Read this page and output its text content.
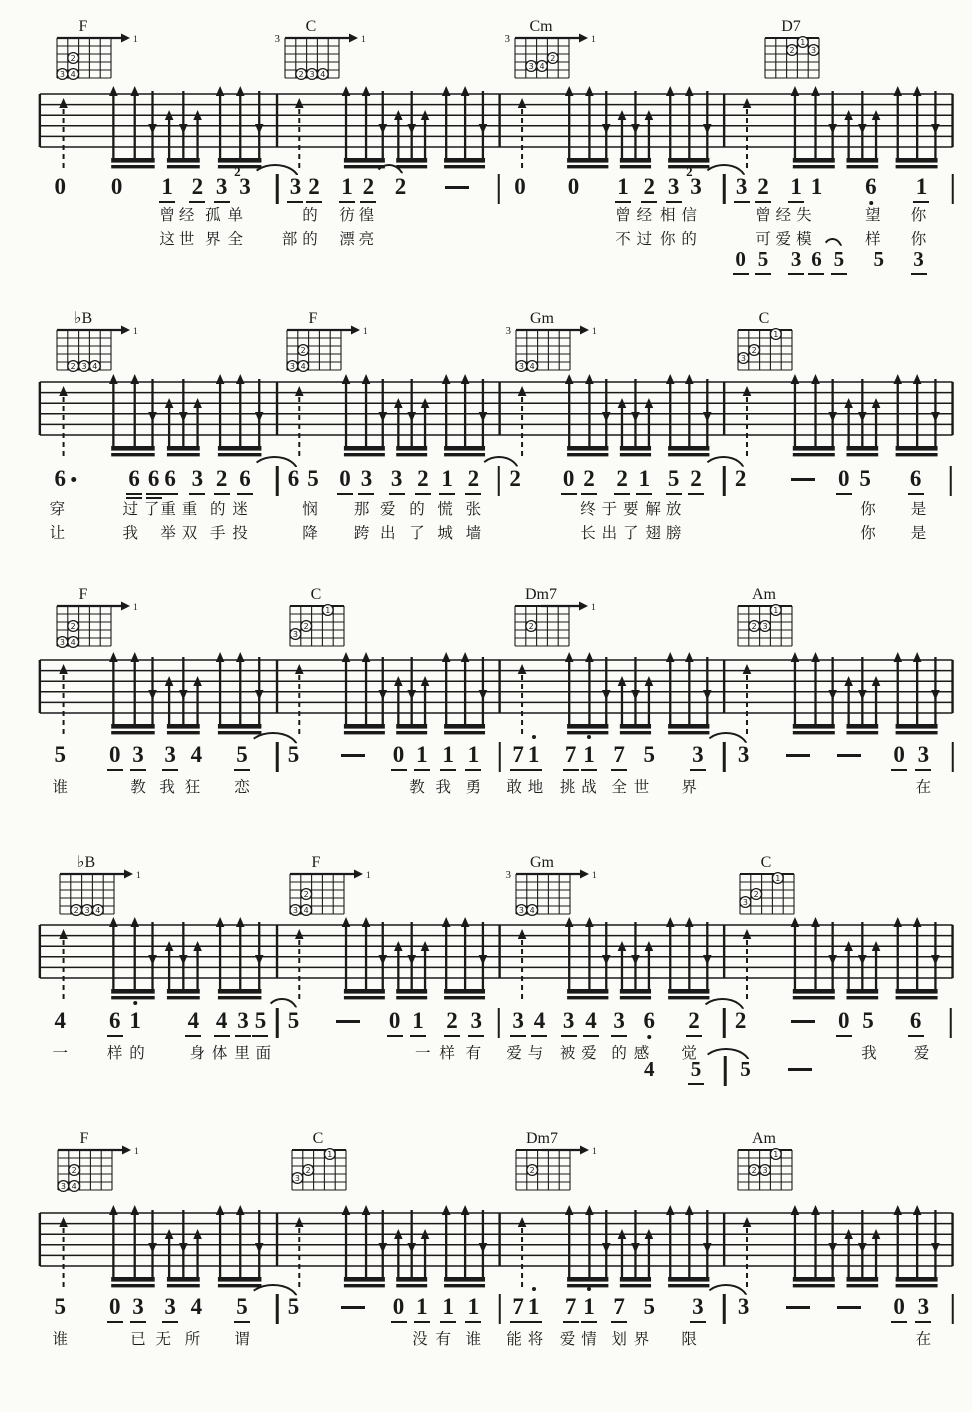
F
1
2
3 4
C
3	1
2 3 4
Cm
3	1
2
3 4
D7
1
2 3
0 0 1 2 3
2
3 3 2 1 2 2	0 0 1 2 3
2
3 3 2 1 1 6 1
曾 经 孤 单	的 彷 徨	曾 经 相 信	曾 经 失	望 你
这 世 界 全	部 的 漂 亮	不 过 你 的	可 爱 模	样 你
0 5 3 6 5 5 3
♭B
1
2 3 4
F
1
2
3 4
Gm
3	1
3 4
C
1
2
3
6	6 6 6 3 2 6 6 5 0 3 3 2 1 2 2 0 2 2 1 5 2 2	0 5 6
穿	过 了 重 重 的 迷	悯 那 爱 的 慌 张	终 于 要 解 放	你 是
让	我 举 双 手 投	降 跨 出 了 城 墙	长 出 了 翅 膀	你 是
F
1
2
3 4
C
1
2
3
Dm7
1
2
Am
1
2 3
5 0 3 3 4 5 5	0 1 1 1 7 1 7 1 7 5 3 3	0 3
谁	教 我 狂 恋	教 我 勇 敢 地 挑 战 全 世 界	在
♭B
1
2 3 4
F
1
2
3 4
Gm
3	1
3 4
C
1
2
3
4 6 1 4 4 3 5 5	0 1 2 3 3 4 3 4 3 6 2 2	0 5 6
一	样 的	身 体 里 面	一 样 有 爱 与 被 爱 的 感 觉	我 爱
4 5 5
F
1
2
3 4
C
1
2
3
Dm7
1
2
Am
1
2 3
5 0 3 3 4 5 5	0 1 1 1 7 1 7 1 7 5 3 3	0 3
谁	已 无 所 谓	没 有 谁 能 将 爱 情 划 界 限	在
